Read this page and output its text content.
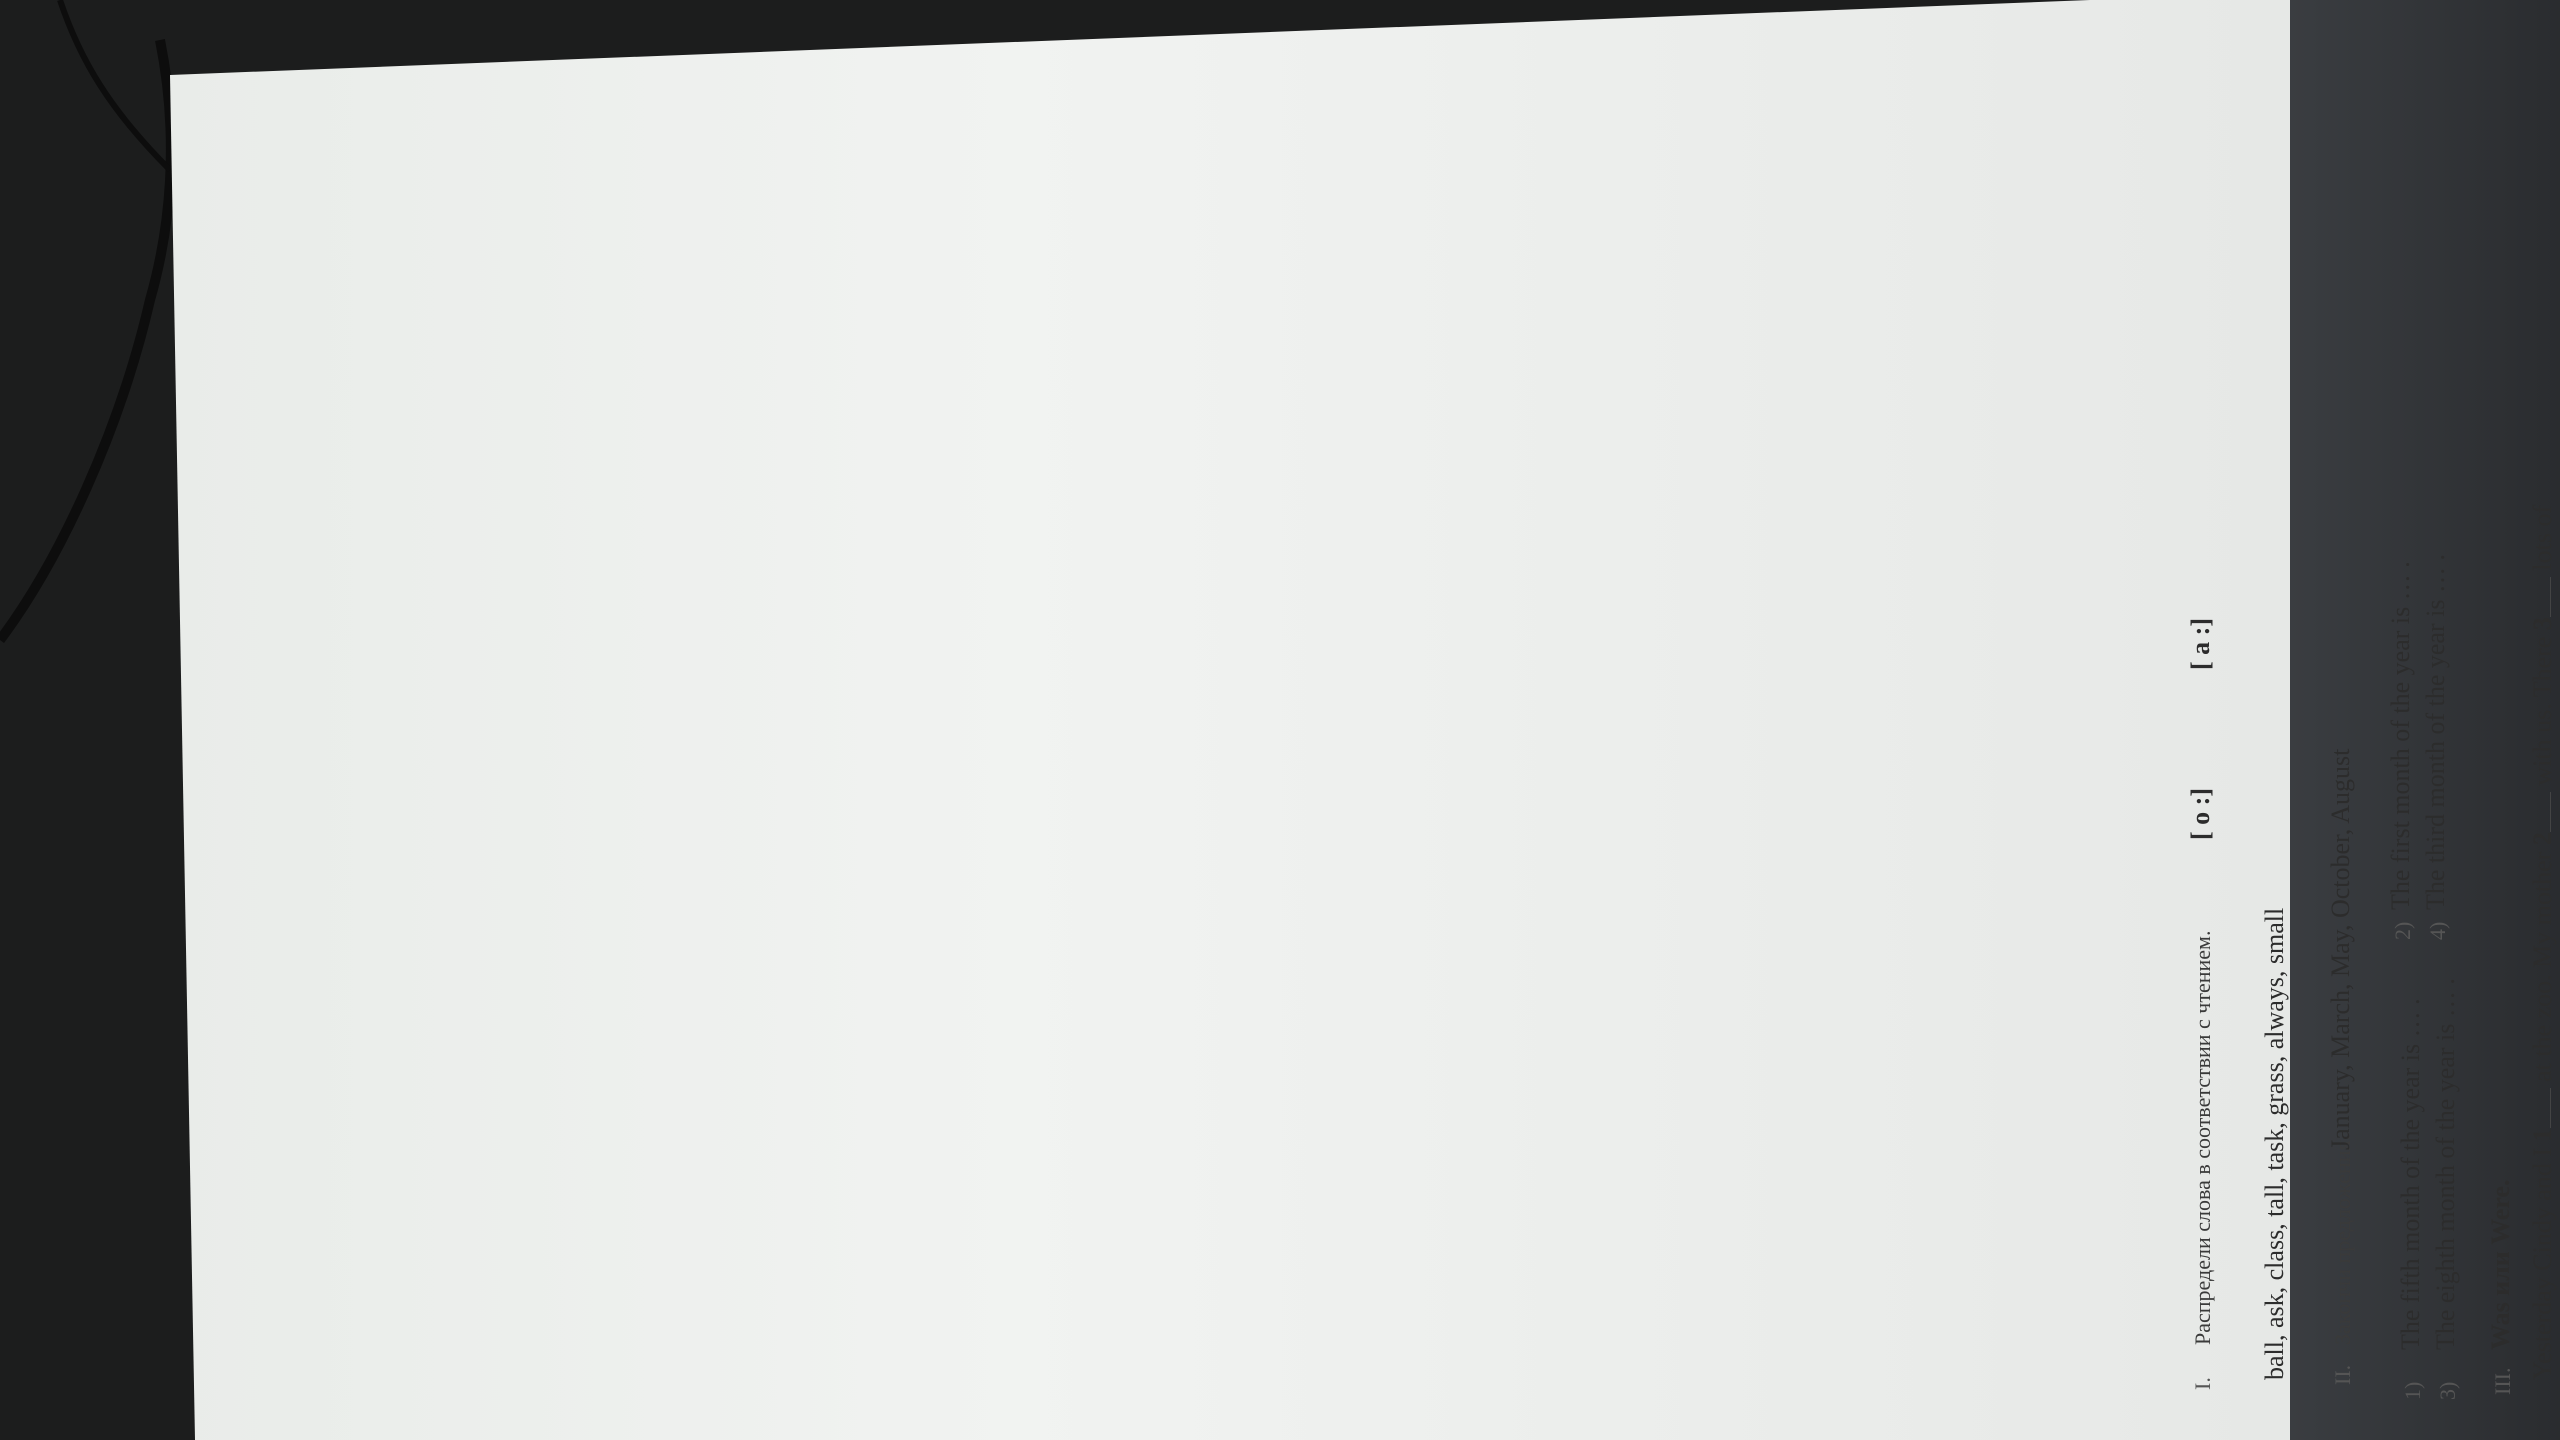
I.
Распредели слова в соответствии с чтением.
[ o :]
[ a :]
ball, ask, class, tall, task, grass, always, small II.
Закончи предложения.
January, March, May, October, August
1)
The fifth month of the year is … .
3)
The eighth month of the year is … .
2)
The first month of the year is … .
4)
The third month of the year is … .
III.
Was или Were. Yesterday Cindy and I 1 at the zoo. My mother 2 with us. There 3 lots of
